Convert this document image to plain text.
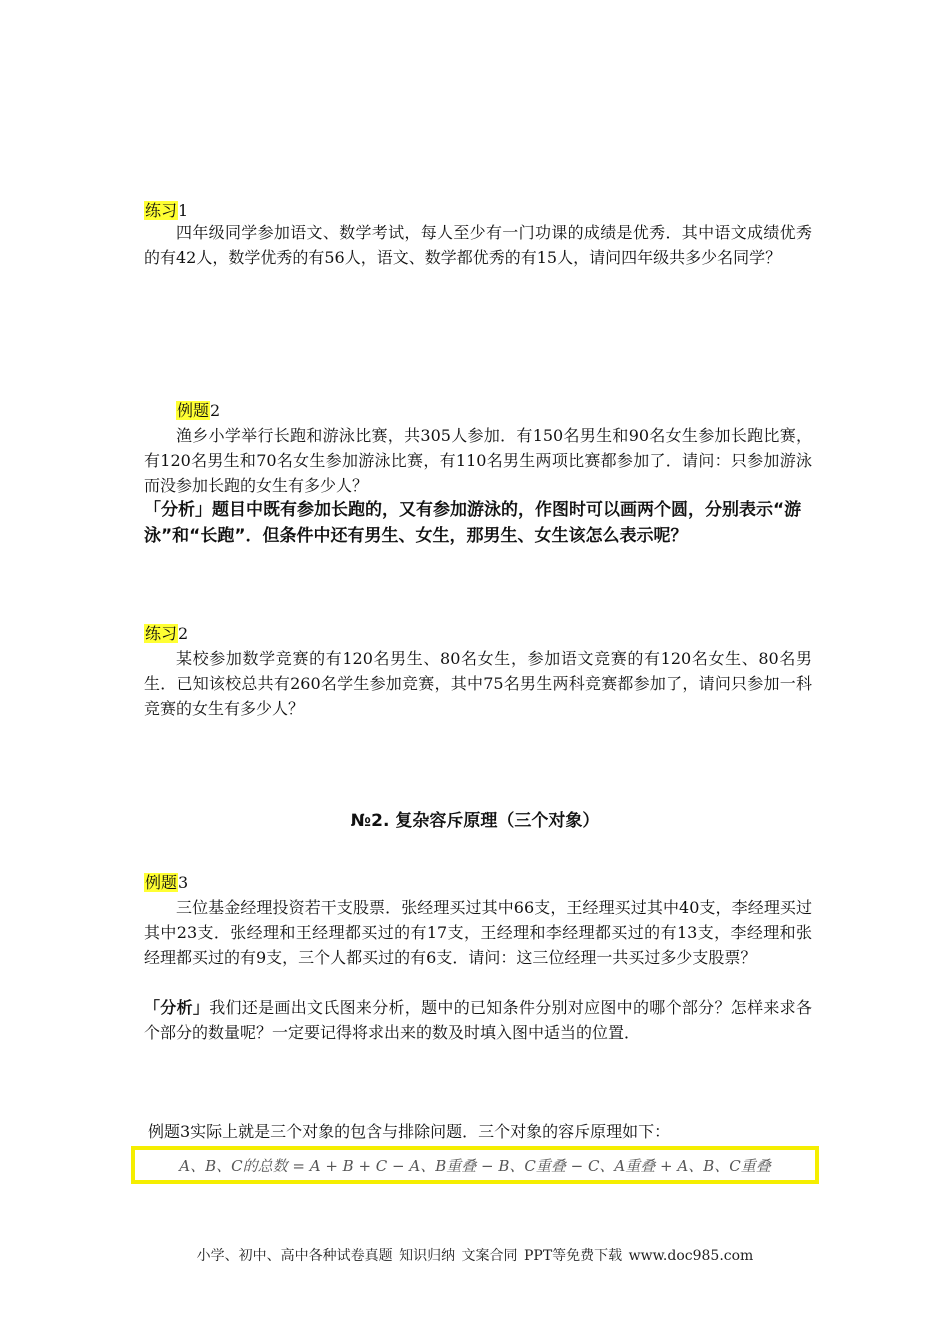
练习1

四年级同学参加语文、数学考试，每人至少有一门功课的成绩是优秀．其中语文成绩优秀的有42人，数学优秀的有56人，语文、数学都优秀的有15人，请问四年级共多少名同学？

例题2

渔乡小学举行长跑和游泳比赛，共305人参加．有150名男生和90名女生参加长跑比赛，有120名男生和70名女生参加游泳比赛，有110名男生两项比赛都参加了．请问：只参加游泳而没参加长跑的女生有多少人？

「分析」题目中既有参加长跑的，又有参加游泳的，作图时可以画两个圆，分别表示“游泳”和“长跑”．但条件中还有男生、女生，那男生、女生该怎么表示呢？

练习2

某校参加数学竞赛的有120名男生、80名女生，参加语文竞赛的有120名女生、80名男生．已知该校总共有260名学生参加竞赛，其中75名男生两科竞赛都参加了，请问只参加一科竞赛的女生有多少人？

№2. 复杂容斥原理（三个对象）
例题3

三位基金经理投资若干支股票．张经理买过其中66支，王经理买过其中40支，李经理买过其中23支．张经理和王经理都买过的有17支，王经理和李经理都买过的有13支，李经理和张经理都买过的有9支，三个人都买过的有6支．请问：这三位经理一共买过多少支股票？

「分析」我们还是画出文氏图来分析，题中的已知条件分别对应图中的哪个部分？怎样来求各个部分的数量呢？一定要记得将求出来的数及时填入图中适当的位置．

例题3实际上就是三个对象的包含与排除问题．三个对象的容斥原理如下：
A、B、C的总数 = A + B + C − A、B重叠 − B、C重叠 − C、A重叠 + A、B、C重叠
小学、初中、高中各种试卷真题 知识归纳 文案合同 PPT等免费下载 www.doc985.com
